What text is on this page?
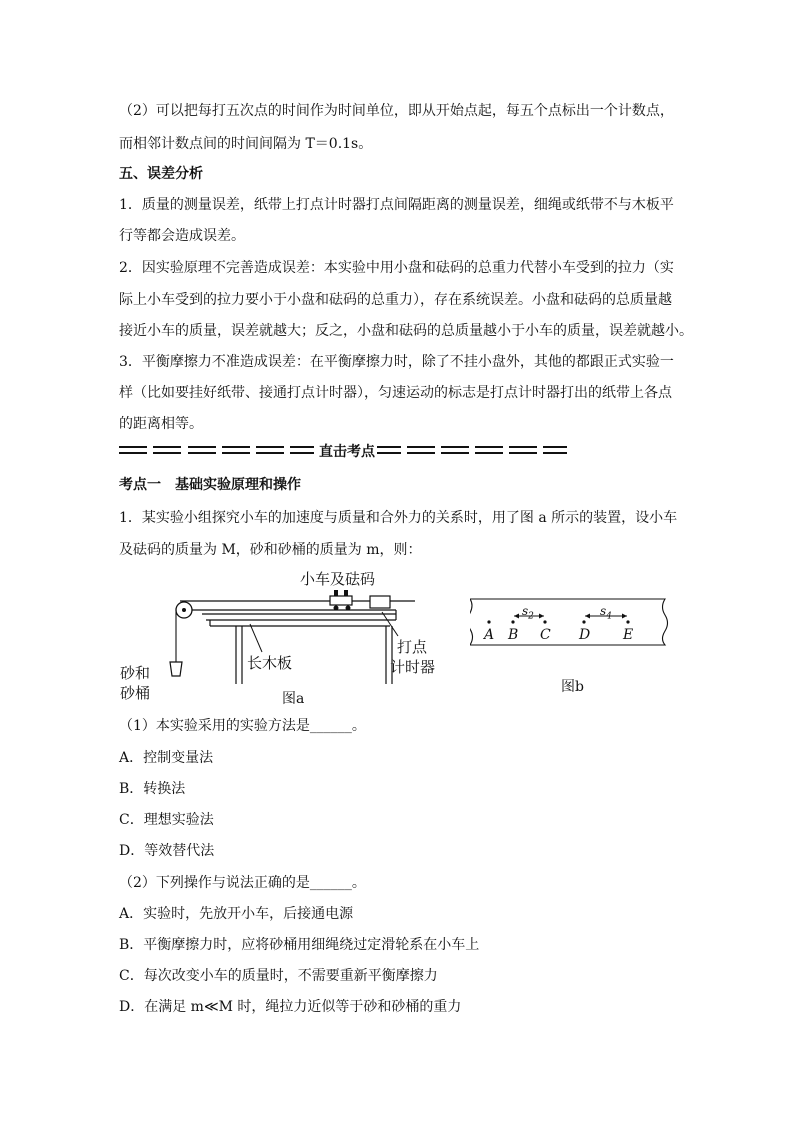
（2）可以把每打五次点的时间作为时间单位，即从开始点起，每五个点标出一个计数点，
而相邻计数点间的时间间隔为 T＝0.1s。
五、误差分析
1．质量的测量误差，纸带上打点计时器打点间隔距离的测量误差，细绳或纸带不与木板平
行等都会造成误差。
2．因实验原理不完善造成误差：本实验中用小盘和砝码的总重力代替小车受到的拉力（实
际上小车受到的拉力要小于小盘和砝码的总重力），存在系统误差。小盘和砝码的总质量越
接近小车的质量，误差就越大；反之，小盘和砝码的总质量越小于小车的质量，误差就越小。
3．平衡摩擦力不准造成误差：在平衡摩擦力时，除了不挂小盘外，其他的都跟正式实验一
样（比如要挂好纸带、接通打点计时器），匀速运动的标志是打点计时器打出的纸带上各点
的距离相等。
直击考点
考点一　基础实验原理和操作
1．某实验小组探究小车的加速度与质量和合外力的关系时，用了图 a 所示的装置，设小车
及砝码的质量为 M，砂和砂桶的质量为 m，则：
小车及砝码
长木板
砂和
砂桶
打点
计时器
图a
A B C D E
$s_2$	$s_4$
图b
（1）本实验采用的实验方法是______。
A．控制变量法
B．转换法
C．理想实验法
D．等效替代法
（2）下列操作与说法正确的是______。
A．实验时，先放开小车，后接通电源
B．平衡摩擦力时，应将砂桶用细绳绕过定滑轮系在小车上
C．每次改变小车的质量时，不需要重新平衡摩擦力
D．在满足 m≪M 时，绳拉力近似等于砂和砂桶的重力
